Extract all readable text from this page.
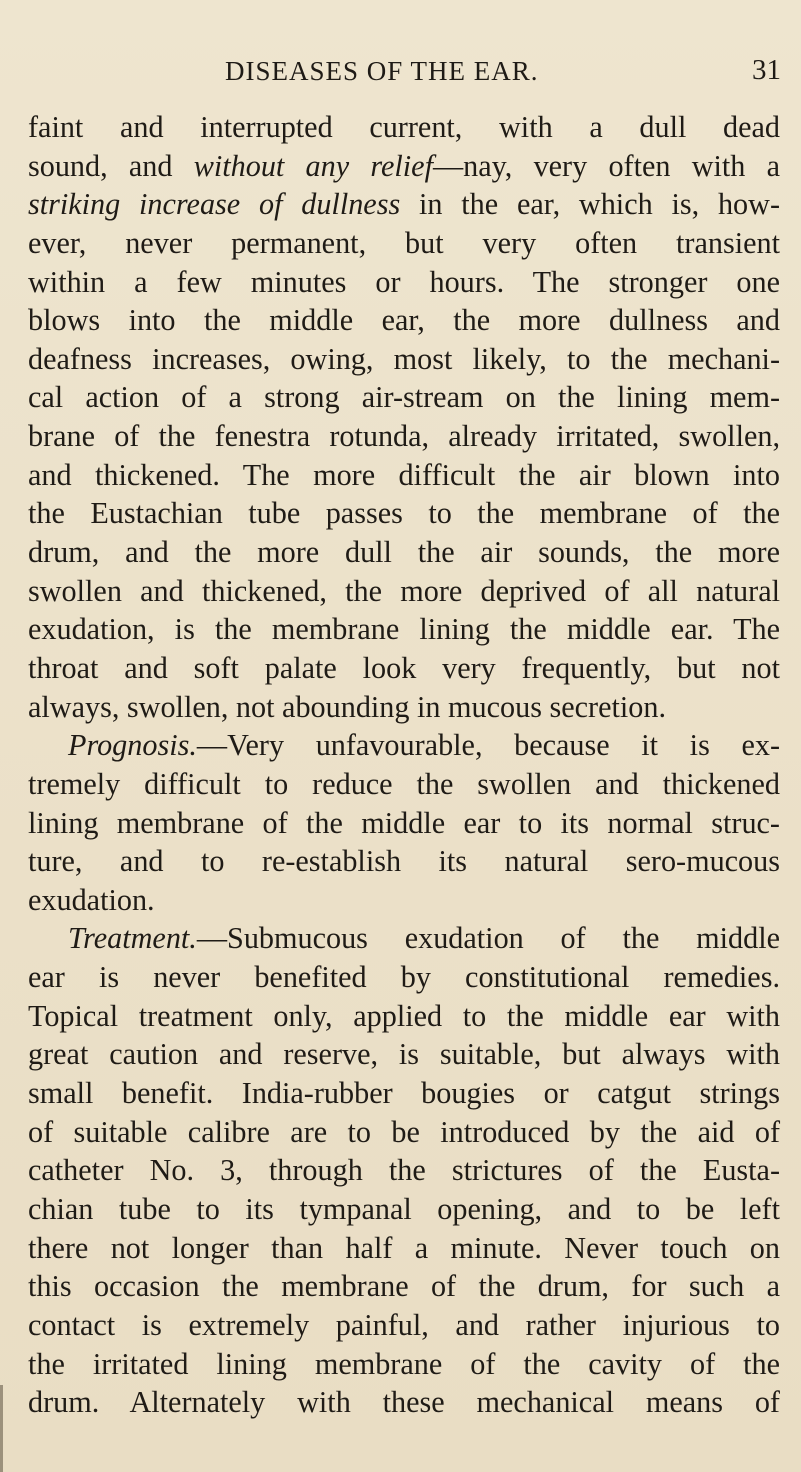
DISEASES OF THE EAR.	31
faint and interrupted current, with a dull dead
sound, and without any relief—nay, very often with a
striking increase of dullness in the ear, which is, how-
ever, never permanent, but very often transient
within a few minutes or hours. The stronger one
blows into the middle ear, the more dullness and
deafness increases, owing, most likely, to the mechani-
cal action of a strong air-stream on the lining mem-
brane of the fenestra rotunda, already irritated, swollen,
and thickened. The more difficult the air blown into
the Eustachian tube passes to the membrane of the
drum, and the more dull the air sounds, the more
swollen and thickened, the more deprived of all natural
exudation, is the membrane lining the middle ear. The
throat and soft palate look very frequently, but not
always, swollen, not abounding in mucous secretion.
Prognosis.—Very unfavourable, because it is ex-
tremely difficult to reduce the swollen and thickened
lining membrane of the middle ear to its normal struc-
ture, and to re-establish its natural sero-mucous
exudation.
Treatment.—Submucous exudation of the middle
ear is never benefited by constitutional remedies.
Topical treatment only, applied to the middle ear with
great caution and reserve, is suitable, but always with
small benefit. India-rubber bougies or catgut strings
of suitable calibre are to be introduced by the aid of
catheter No. 3, through the strictures of the Eusta-
chian tube to its tympanal opening, and to be left
there not longer than half a minute. Never touch on
this occasion the membrane of the drum, for such a
contact is extremely painful, and rather injurious to
the irritated lining membrane of the cavity of the
drum. Alternately with these mechanical means of
